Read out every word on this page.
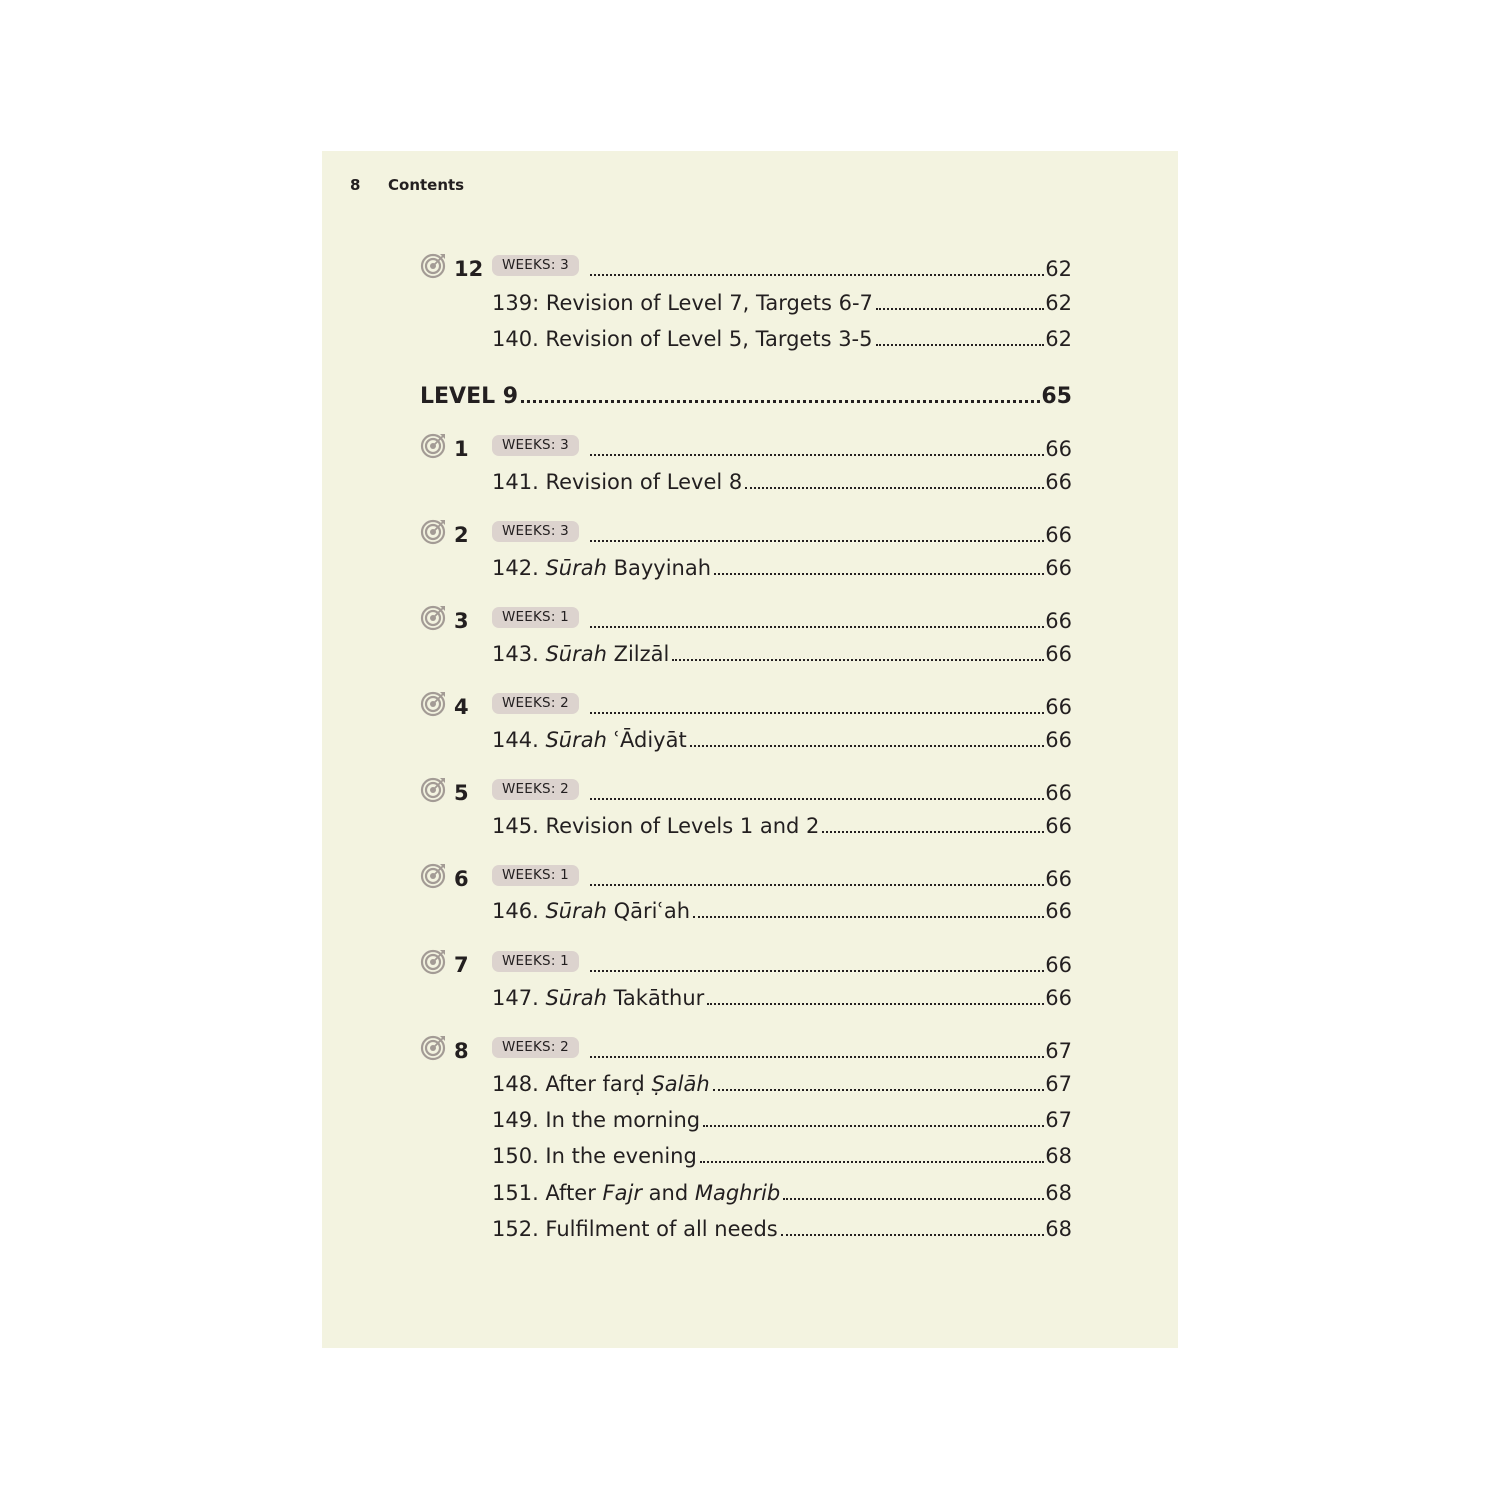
8	Contents
12	WEEKS: 3	62
139: Revision of Level 7, Targets 6-7	62
140. Revision of Level 5, Targets 3-5	62
LEVEL 9	65
1	WEEKS: 3	66
141. Revision of Level 8	66
2	WEEKS: 3	66
142. Sūrah Bayyinah	66
3	WEEKS: 1	66
143. Sūrah Zilzāl	66
4	WEEKS: 2	66
144. Sūrah ʿĀdiyāt	66
5	WEEKS: 2	66
145. Revision of Levels 1 and 2	66
6	WEEKS: 1	66
146. Sūrah Qāriʿah	66
7	WEEKS: 1	66
147. Sūrah Takāthur	66
8	WEEKS: 2	67
148. After farḍ Ṣalāh	67
149. In the morning	67
150. In the evening	68
151. After Fajr and Maghrib	68
152. Fulfilment of all needs	68
